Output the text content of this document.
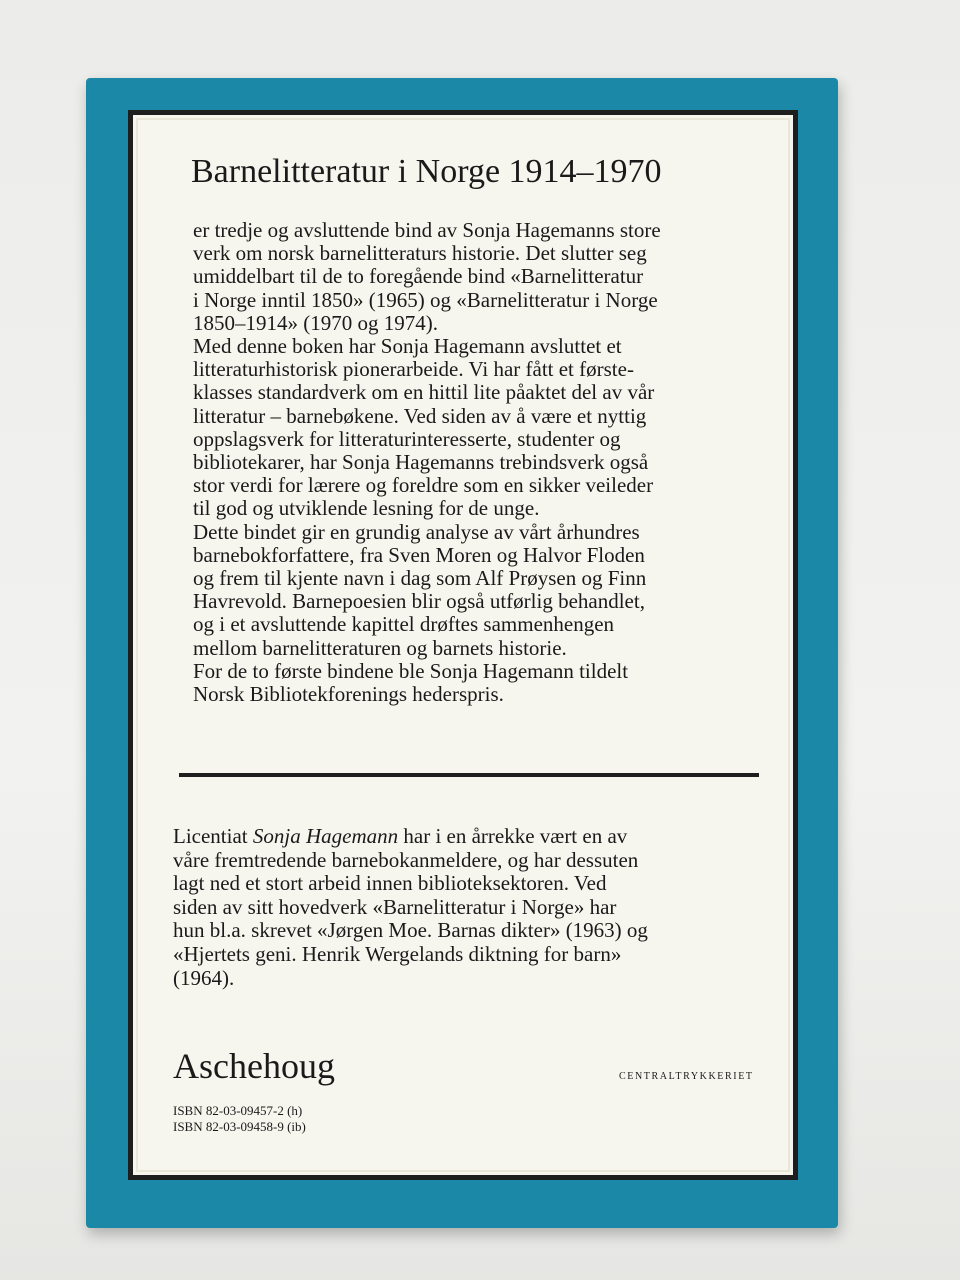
Barnelitteratur i Norge 1914–1970
er tredje og avsluttende bind av Sonja Hagemanns store
verk om norsk barnelitteraturs historie. Det slutter seg
umiddelbart til de to foregående bind «Barnelitteratur
i Norge inntil 1850» (1965) og «Barnelitteratur i Norge
1850–1914» (1970 og 1974).
Med denne boken har Sonja Hagemann avsluttet et
litteraturhistorisk pionerarbeide. Vi har fått et første-
klasses standardverk om en hittil lite påaktet del av vår
litteratur – barnebøkene. Ved siden av å være et nyttig
oppslagsverk for litteraturinteresserte, studenter og
bibliotekarer, har Sonja Hagemanns trebindsverk også
stor verdi for lærere og foreldre som en sikker veileder
til god og utviklende lesning for de unge.
Dette bindet gir en grundig analyse av vårt århundres
barnebokforfattere, fra Sven Moren og Halvor Floden
og frem til kjente navn i dag som Alf Prøysen og Finn
Havrevold. Barnepoesien blir også utførlig behandlet,
og i et avsluttende kapittel drøftes sammenhengen
mellom barnelitteraturen og barnets historie.
For de to første bindene ble Sonja Hagemann tildelt
Norsk Bibliotekforenings hederspris.
Licentiat Sonja Hagemann har i en årrekke vært en av
våre fremtredende barnebokanmeldere, og har dessuten
lagt ned et stort arbeid innen biblioteksektoren. Ved
siden av sitt hovedverk «Barnelitteratur i Norge» har
hun bl.a. skrevet «Jørgen Moe. Barnas dikter» (1963) og
«Hjertets geni. Henrik Wergelands diktning for barn»
(1964).
Aschehoug	CENTRALTRYKKERIET
ISBN 82-03-09457-2 (h)
ISBN 82-03-09458-9 (ib)
